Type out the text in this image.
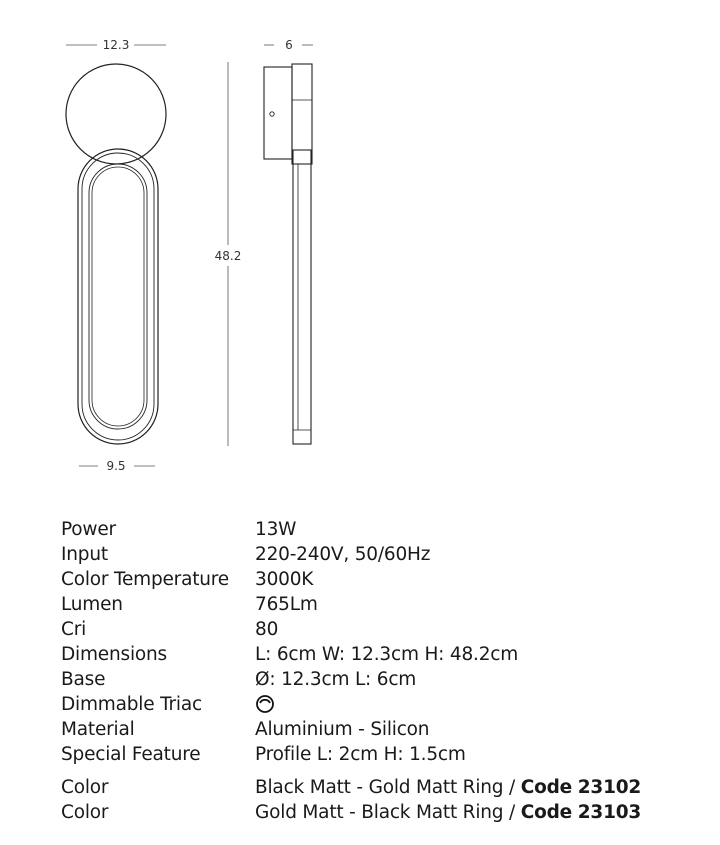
12.3
9.5
48.2
6
Power	13W
Input	220-240V, 50/60Hz
Color Temperature 3000K
Lumen	765Lm
Cri	80
Dimensions	L: 6cm W: 12.3cm H: 48.2cm
Base	Ø: 12.3cm L: 6cm
Dimmable Triac
Material	Aluminium - Silicon
Special Feature	Profile L: 2cm H: 1.5cm
Color	Black Matt - Gold Matt Ring / Code 23102
Color	Gold Matt - Black Matt Ring / Code 23103
